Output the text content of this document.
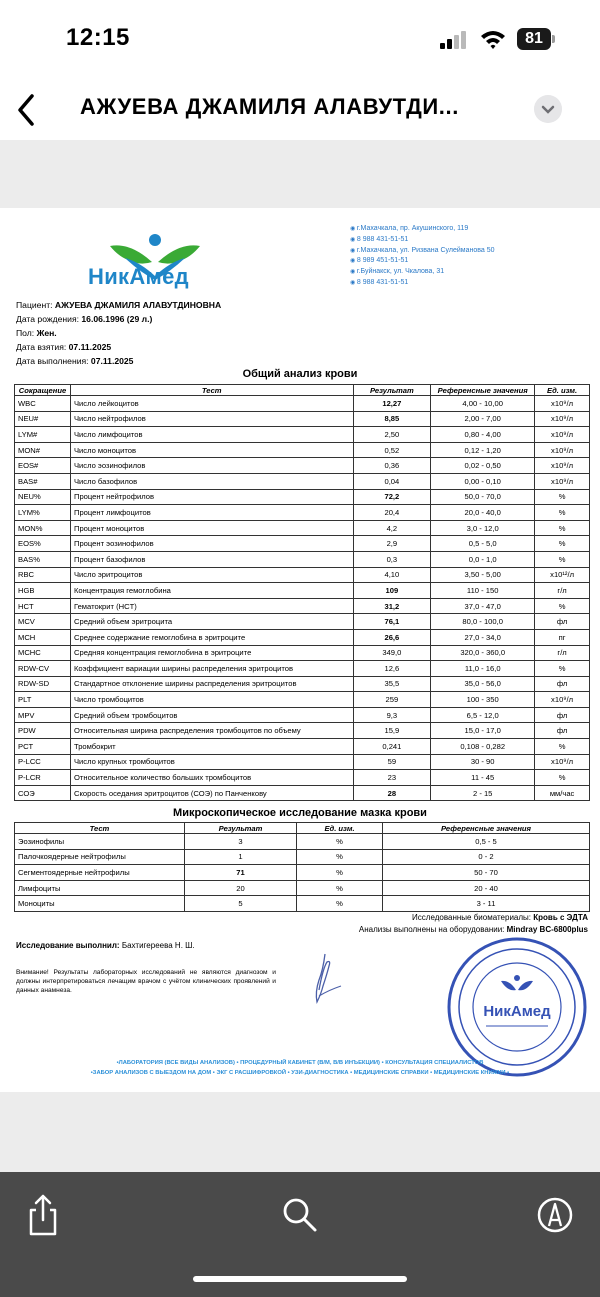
12:15	81
АЖУЕВА ДЖАМИЛЯ АЛАВУТДИ...
НикАмед
◉ г.Махачкала, пр. Акушинского, 119
◉ 8 988 431-51-51
◉ г.Махачкала, ул. Ризвана Сулейманова 50
◉ 8 989 451-51-51
◉ г.Буйнакск, ул. Чкалова, 31
◉ 8 988 431-51-51
Пациент: АЖУЕВА ДЖАМИЛЯ АЛАВУТДИНОВНА
Дата рождения: 16.06.1996 (29 л.)
Пол: Жен.
Дата взятия: 07.11.2025
Дата выполнения: 07.11.2025
Общий анализ крови
Сокращение	Тест	Результат	Референсные значения	Ед. изм.
WBC	Число лейкоцитов	12,27	4,00 - 10,00	x10⁹/л
NEU#	Число нейтрофилов	8,85	2,00 - 7,00	x10⁹/л
LYM#	Число лимфоцитов	2,50	0,80 - 4,00	x10⁹/л
MON#	Число моноцитов	0,52	0,12 - 1,20	x10⁹/л
EOS#	Число эозинофилов	0,36	0,02 - 0,50	x10⁹/л
BAS#	Число базофилов	0,04	0,00 - 0,10	x10⁹/л
NEU%	Процент нейтрофилов	72,2	50,0 - 70,0	%
LYM%	Процент лимфоцитов	20,4	20,0 - 40,0	%
MON%	Процент моноцитов	4,2	3,0 - 12,0	%
EOS%	Процент эозинофилов	2,9	0,5 - 5,0	%
BAS%	Процент базофилов	0,3	0,0 - 1,0	%
RBC	Число эритроцитов	4,10	3,50 - 5,00	x10¹²/л
HGB	Концентрация гемоглобина	109	110 - 150	г/л
HCT	Гематокрит (HCT)	31,2	37,0 - 47,0	%
MCV	Средний объем эритроцита	76,1	80,0 - 100,0	фл
MCH	Среднее содержание гемоглобина в эритроците	26,6	27,0 - 34,0	пг
MCHC	Средняя концентрация гемоглобина в эритроците	349,0	320,0 - 360,0	г/л
RDW-CV	Коэффициент вариации ширины распределения эритроцитов	12,6	11,0 - 16,0	%
RDW-SD	Стандартное отклонение ширины распределения эритроцитов	35,5	35,0 - 56,0	фл
PLT	Число тромбоцитов	259	100 - 350	x10⁹/л
MPV	Средний объем тромбоцитов	9,3	6,5 - 12,0	фл
PDW	Относительная ширина распределения тромбоцитов по объему	15,9	15,0 - 17,0	фл
PCT	Тромбокрит	0,241	0,108 - 0,282	%
P-LCC	Число крупных тромбоцитов	59	30 - 90	x10⁹/л
P-LCR	Относительное количество больших тромбоцитов	23	11 - 45	%
СОЭ	Скорость оседания эритроцитов (СОЭ) по Панченкову	28	2 - 15	мм/час
Микроскопическое исследование мазка крови
Тест	Результат	Ед. изм.	Референсные значения
Эозинофилы	3	%	0,5 - 5
Палочкоядерные нейтрофилы	1	%	0 - 2
Сегментоядерные нейтрофилы	71	%	50 - 70
Лимфоциты	20	%	20 - 40
Моноциты	5	%	3 - 11
Исследованные биоматериалы: Кровь с ЭДТА
Анализы выполнены на оборудовании: Mindray BC-6800plus
Исследование выполнил: Бахтигереева Н. Ш.
Внимание! Результаты лабораторных исследований не являются диагнозом и должны интерпретироваться лечащим врачом с учётом клинических проявлений и данных анамнеза.
НикАмед
•ЛАБОРАТОРИЯ (ВСЕ ВИДЫ АНАЛИЗОВ) • ПРОЦЕДУРНЫЙ КАБИНЕТ (В/М, В/В ИНЪЕКЦИИ) • КОНСУЛЬТАЦИЯ СПЕЦИАЛИСТОВ
•ЗАБОР АНАЛИЗОВ С ВЫЕЗДОМ НА ДОМ • ЭКГ С РАСШИФРОВКОЙ • УЗИ-ДИАГНОСТИКА • МЕДИЦИНСКИЕ СПРАВКИ • МЕДИЦИНСКИЕ КНИЖКИ •
